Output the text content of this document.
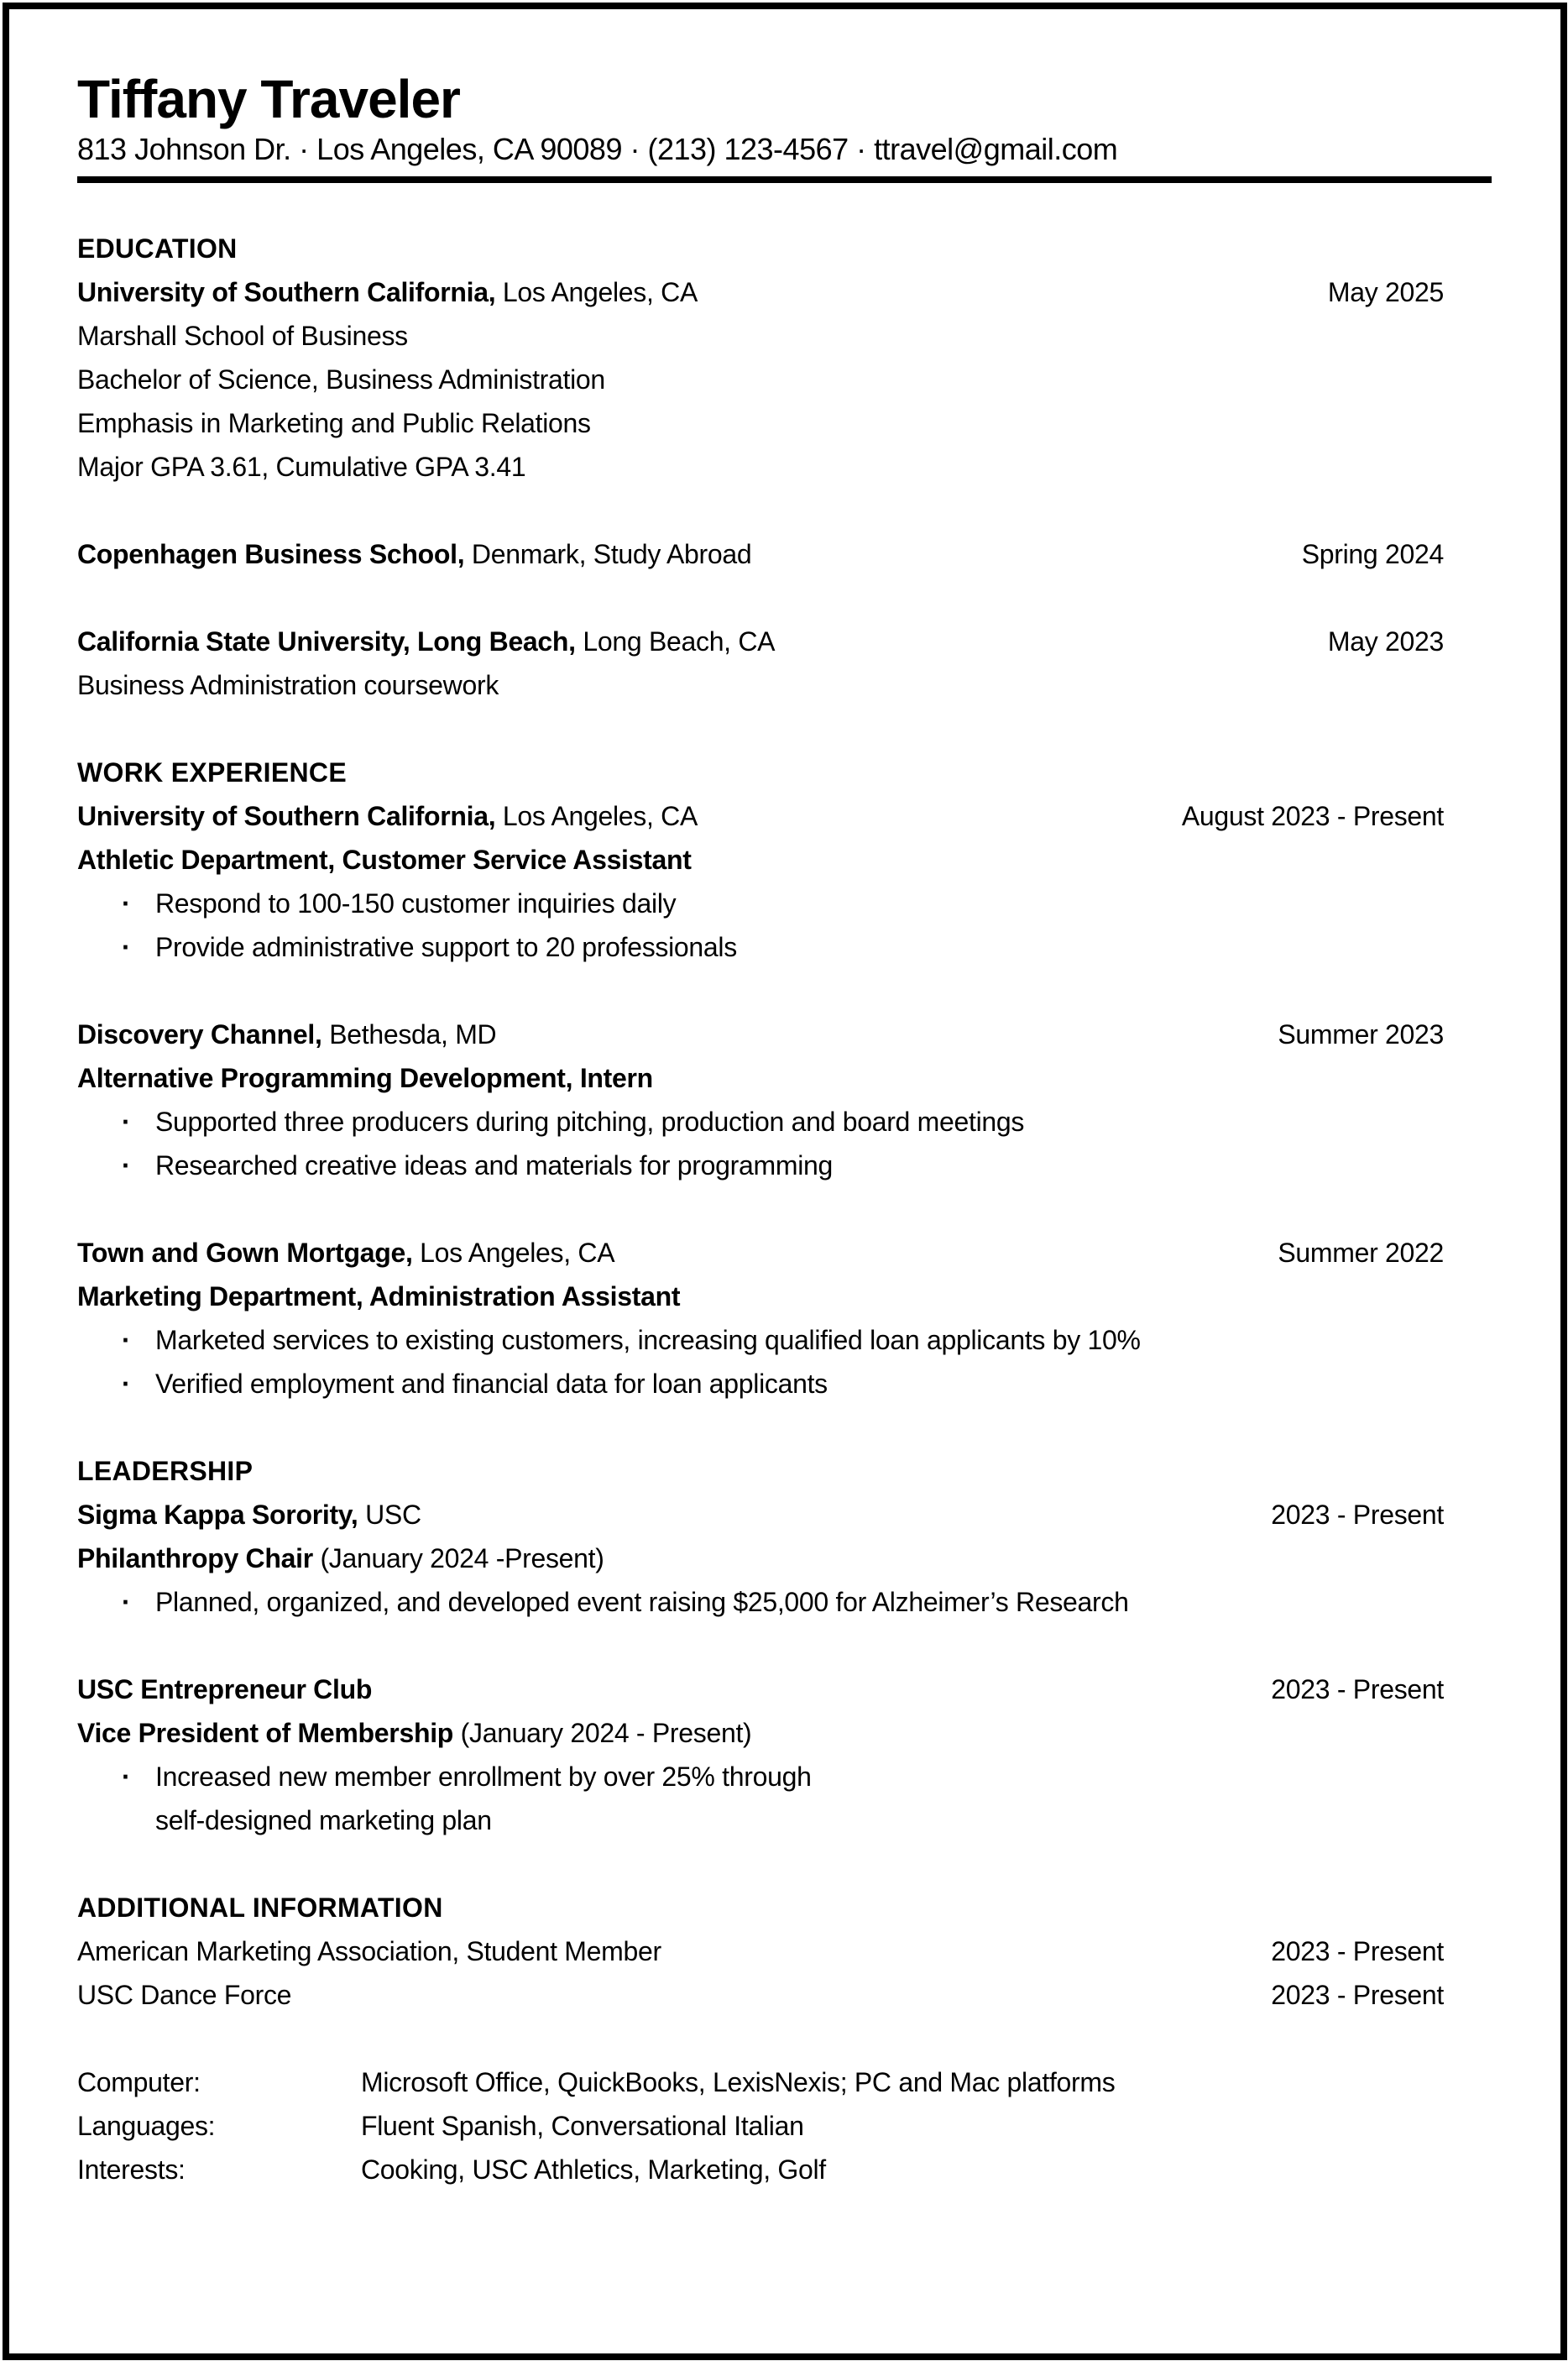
Tiffany Traveler
813 Johnson Dr. · Los Angeles, CA 90089 · (213) 123-4567 · ttravel@gmail.com
EDUCATION
University of Southern California, Los Angeles, CA	May 2025
Marshall School of Business
Bachelor of Science, Business Administration
Emphasis in Marketing and Public Relations
Major GPA 3.61, Cumulative GPA 3.41
Copenhagen Business School, Denmark, Study Abroad	Spring 2024
California State University, Long Beach, Long Beach, CA	May 2023
Business Administration coursework
WORK EXPERIENCE
University of Southern California, Los Angeles, CA	August 2023 - Present
Athletic Department, Customer Service Assistant
· Respond to 100-150 customer inquiries daily
· Provide administrative support to 20 professionals
Discovery Channel, Bethesda, MD	Summer 2023
Alternative Programming Development, Intern
· Supported three producers during pitching, production and board meetings
· Researched creative ideas and materials for programming
Town and Gown Mortgage, Los Angeles, CA	Summer 2022
Marketing Department, Administration Assistant
· Marketed services to existing customers, increasing qualified loan applicants by 10%
· Verified employment and financial data for loan applicants
LEADERSHIP
Sigma Kappa Sorority, USC	2023 - Present
Philanthropy Chair (January 2024 -Present)
· Planned, organized, and developed event raising $25,000 for Alzheimer’s Research
USC Entrepreneur Club	2023 - Present
Vice President of Membership (January 2024 - Present)
· Increased new member enrollment by over 25% through
self-designed marketing plan
ADDITIONAL INFORMATION
American Marketing Association, Student Member	2023 - Present
USC Dance Force	2023 - Present
Computer:	Microsoft Office, QuickBooks, LexisNexis; PC and Mac platforms
Languages:	Fluent Spanish, Conversational Italian
Interests:	Cooking, USC Athletics, Marketing, Golf
